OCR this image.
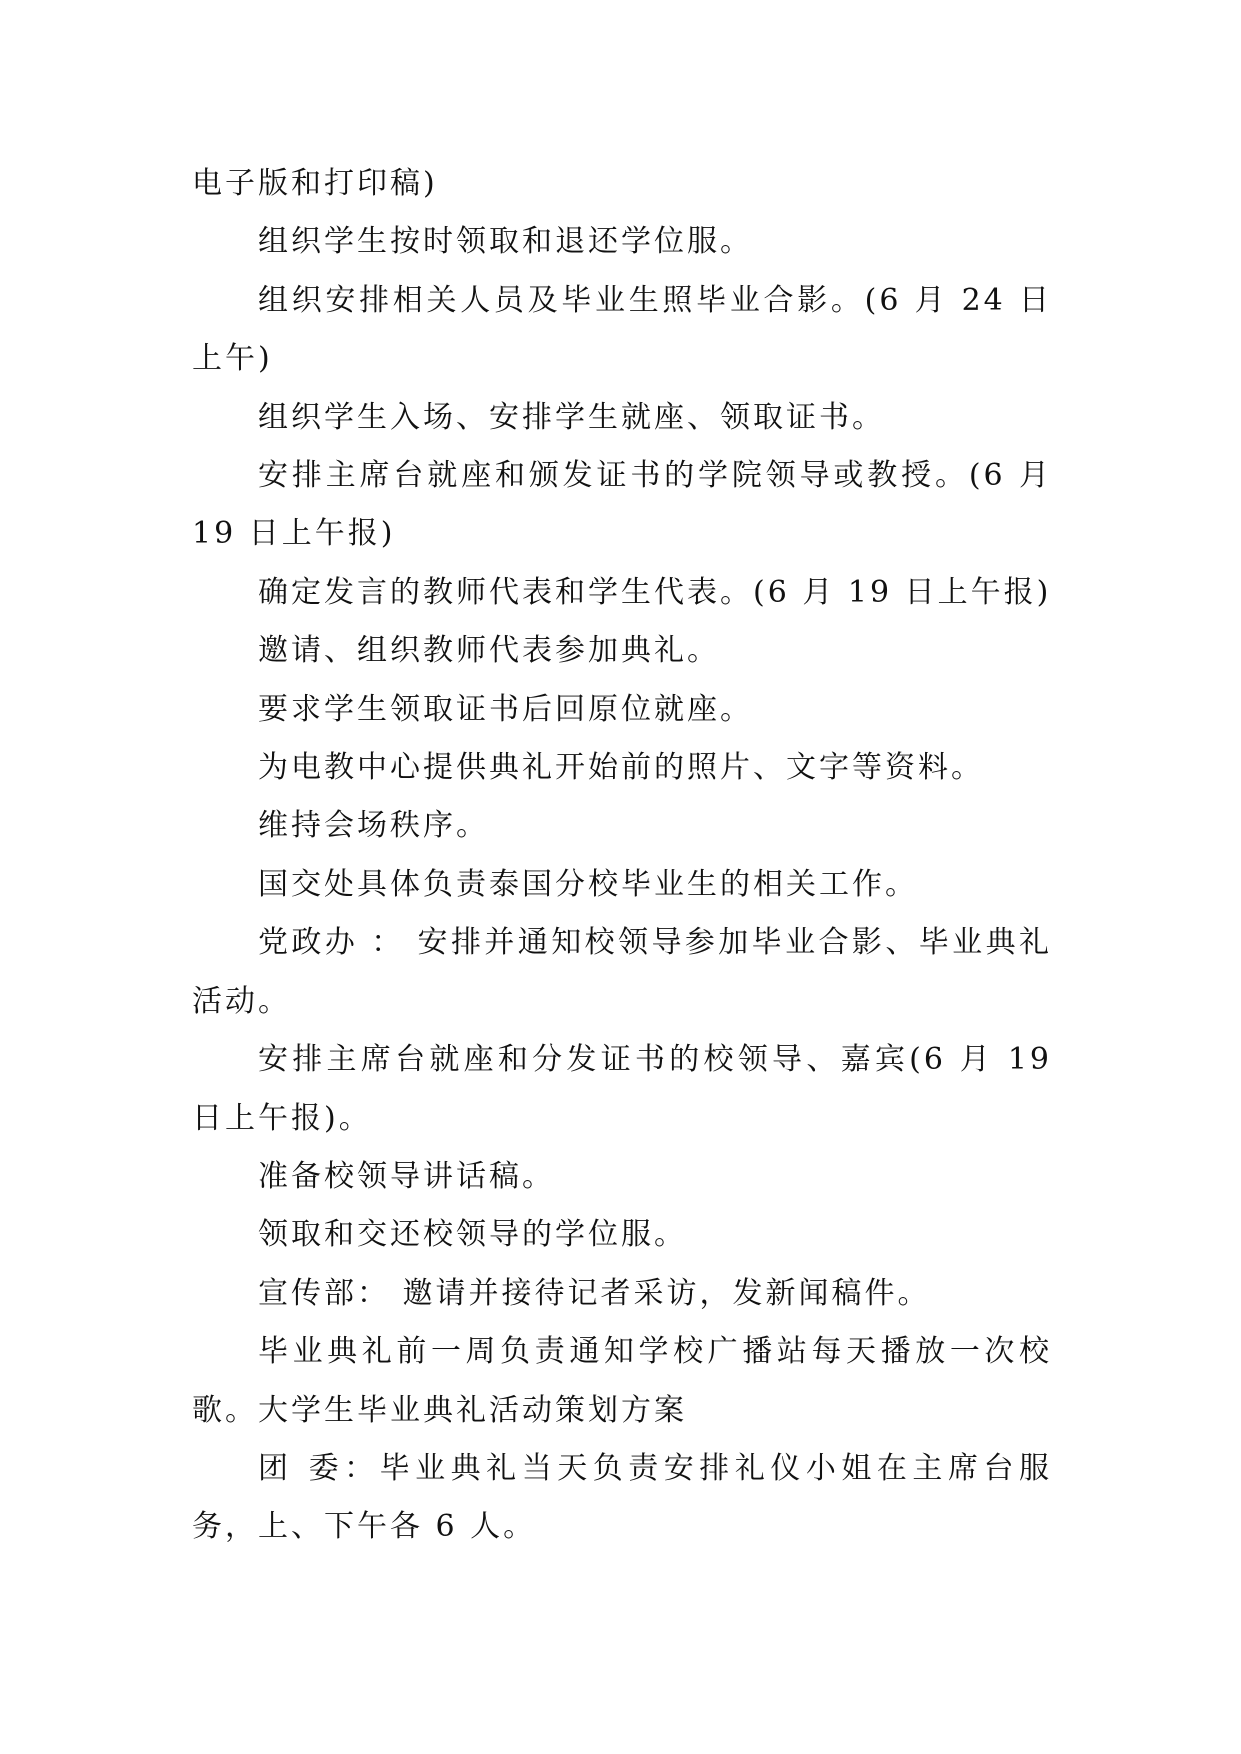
电子版和打印稿)

组织学生按时领取和退还学位服。

组织安排相关人员及毕业生照毕业合影。(6 月 24 日上午)

组织学生入场、安排学生就座、领取证书。

安排主席台就座和颁发证书的学院领导或教授。(6 月 19 日上午报)

确定发言的教师代表和学生代表。(6 月 19 日上午报)

邀请、组织教师代表参加典礼。

要求学生领取证书后回原位就座。

为电教中心提供典礼开始前的照片、文字等资料。

维持会场秩序。

国交处具体负责泰国分校毕业生的相关工作。

党政办 ： 安排并通知校领导参加毕业合影、毕业典礼活动。

安排主席台就座和分发证书的校领导、嘉宾(6 月 19 日上午报)。

准备校领导讲话稿。

领取和交还校领导的学位服。

宣传部： 邀请并接待记者采访，发新闻稿件。

毕业典礼前一周负责通知学校广播站每天播放一次校歌。大学生毕业典礼活动策划方案

团 委：毕业典礼当天负责安排礼仪小姐在主席台服务，上、下午各 6 人。
